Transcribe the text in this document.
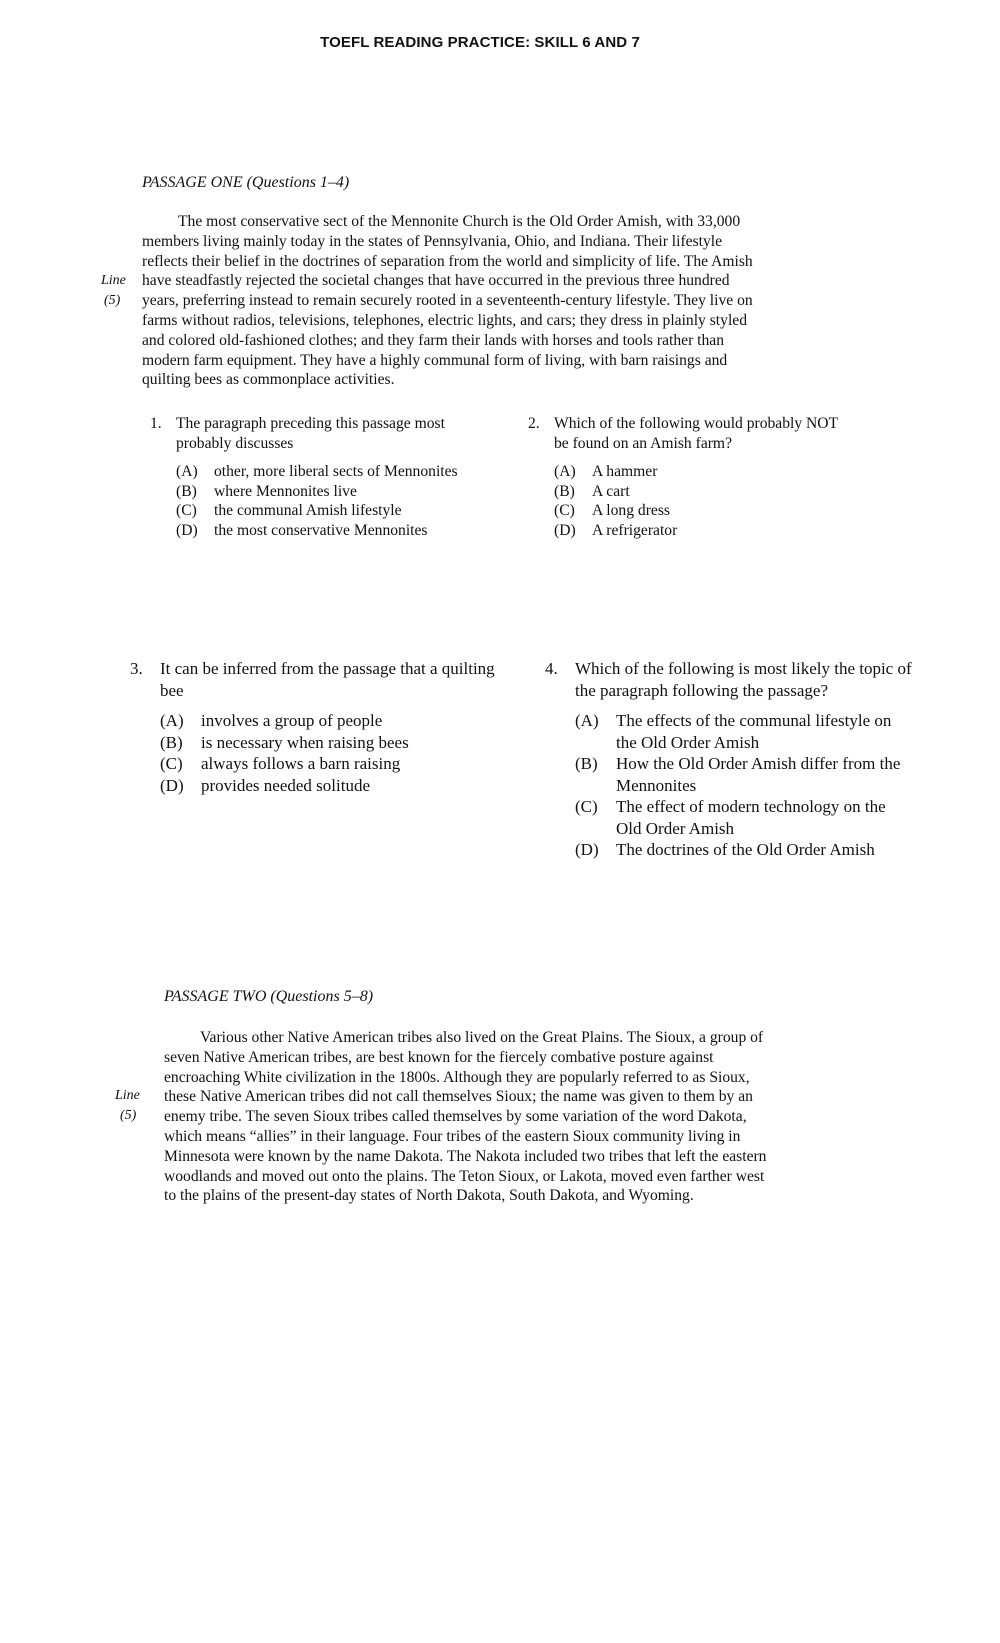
TOEFL READING PRACTICE: SKILL 6 AND 7
PASSAGE ONE (Questions 1–4)
The most conservative sect of the Mennonite Church is the Old Order Amish, with 33,000
members living mainly today in the states of Pennsylvania, Ohio, and Indiana. Their lifestyle
reflects their belief in the doctrines of separation from the world and simplicity of life. The Amish
have steadfastly rejected the societal changes that have occurred in the previous three hundred
years, preferring instead to remain securely rooted in a seventeenth-century lifestyle. They live on
farms without radios, televisions, telephones, electric lights, and cars; they dress in plainly styled
and colored old-fashioned clothes; and they farm their lands with horses and tools rather than
modern farm equipment. They have a highly communal form of living, with barn raisings and
quilting bees as commonplace activities.
Line
(5)
1. The paragraph preceding this passage most probably discusses
(A) other, more liberal sects of Mennonites
(B) where Mennonites live
(C) the communal Amish lifestyle
(D) the most conservative Mennonites
2. Which of the following would probably NOT be found on an Amish farm?
(A) A hammer
(B) A cart
(C) A long dress
(D) A refrigerator
3. It can be inferred from the passage that a quilting bee
(A) involves a group of people
(B) is necessary when raising bees
(C) always follows a barn raising
(D) provides needed solitude
4. Which of the following is most likely the topic of the paragraph following the passage?
(A) The effects of the communal lifestyle on the Old Order Amish
(B) How the Old Order Amish differ from the Mennonites
(C) The effect of modern technology on the Old Order Amish
(D) The doctrines of the Old Order Amish
PASSAGE TWO (Questions 5–8)
Various other Native American tribes also lived on the Great Plains. The Sioux, a group of
seven Native American tribes, are best known for the fiercely combative posture against
encroaching White civilization in the 1800s. Although they are popularly referred to as Sioux,
these Native American tribes did not call themselves Sioux; the name was given to them by an
enemy tribe. The seven Sioux tribes called themselves by some variation of the word Dakota,
which means “allies” in their language. Four tribes of the eastern Sioux community living in
Minnesota were known by the name Dakota. The Nakota included two tribes that left the eastern
woodlands and moved out onto the plains. The Teton Sioux, or Lakota, moved even farther west
to the plains of the present-day states of North Dakota, South Dakota, and Wyoming.
Line
(5)
